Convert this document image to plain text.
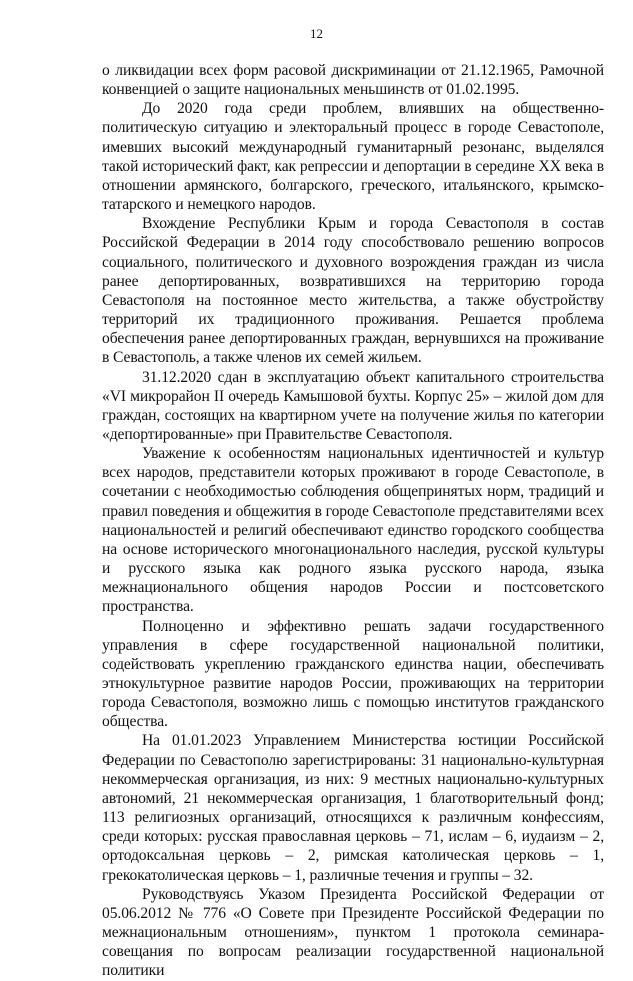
12

о ликвидации всех форм расовой дискриминации от 21.12.1965, Рамочной конвенцией о защите национальных меньшинств от 01.02.1995.

До 2020 года среди проблем, влиявших на общественно-политическую ситуацию и электоральный процесс в городе Севастополе, имевших высокий международный гуманитарный резонанс, выделялся такой исторический факт, как репрессии и депортации в середине XX века в отношении армянского, болгарского, греческого, итальянского, крымско-татарского и немецкого народов.

Вхождение Республики Крым и города Севастополя в состав Российской Федерации в 2014 году способствовало решению вопросов социального, политического и духовного возрождения граждан из числа ранее депортированных, возвратившихся на территорию города Севастополя на постоянное место жительства, а также обустройству территорий их традиционного проживания. Решается проблема обеспечения ранее депортированных граждан, вернувшихся на проживание в Севастополь, а также членов их семей жильем.

31.12.2020 сдан в эксплуатацию объект капитального строительства «VI микрорайон II очередь Камышовой бухты. Корпус 25» – жилой дом для граждан, состоящих на квартирном учете на получение жилья по категории «депортированные» при Правительстве Севастополя.

Уважение к особенностям национальных идентичностей и культур всех народов, представители которых проживают в городе Севастополе, в сочетании с необходимостью соблюдения общепринятых норм, традиций и правил поведения и общежития в городе Севастополе представителями всех национальностей и религий обеспечивают единство городского сообщества на основе исторического многонационального наследия, русской культуры и русского языка как родного языка русского народа, языка межнационального общения народов России и постсоветского пространства.

Полноценно и эффективно решать задачи государственного управления в сфере государственной национальной политики, содействовать укреплению гражданского единства нации, обеспечивать этнокультурное развитие народов России, проживающих на территории города Севастополя, возможно лишь с помощью институтов гражданского общества.

На 01.01.2023 Управлением Министерства юстиции Российской Федерации по Севастополю зарегистрированы: 31 национально-культурная некоммерческая организация, из них: 9 местных национально-культурных автономий, 21 некоммерческая организация, 1 благотворительный фонд; 113 религиозных организаций, относящихся к различным конфессиям, среди которых: русская православная церковь – 71, ислам – 6, иудаизм – 2, ортодоксальная церковь – 2, римская католическая церковь – 1, грекокатолическая церковь – 1, различные течения и группы – 32.

Руководствуясь Указом Президента Российской Федерации от 05.06.2012 № 776 «О Совете при Президенте Российской Федерации по межнациональным отношениям», пунктом 1 протокола семинара-совещания по вопросам реализации государственной национальной политики
